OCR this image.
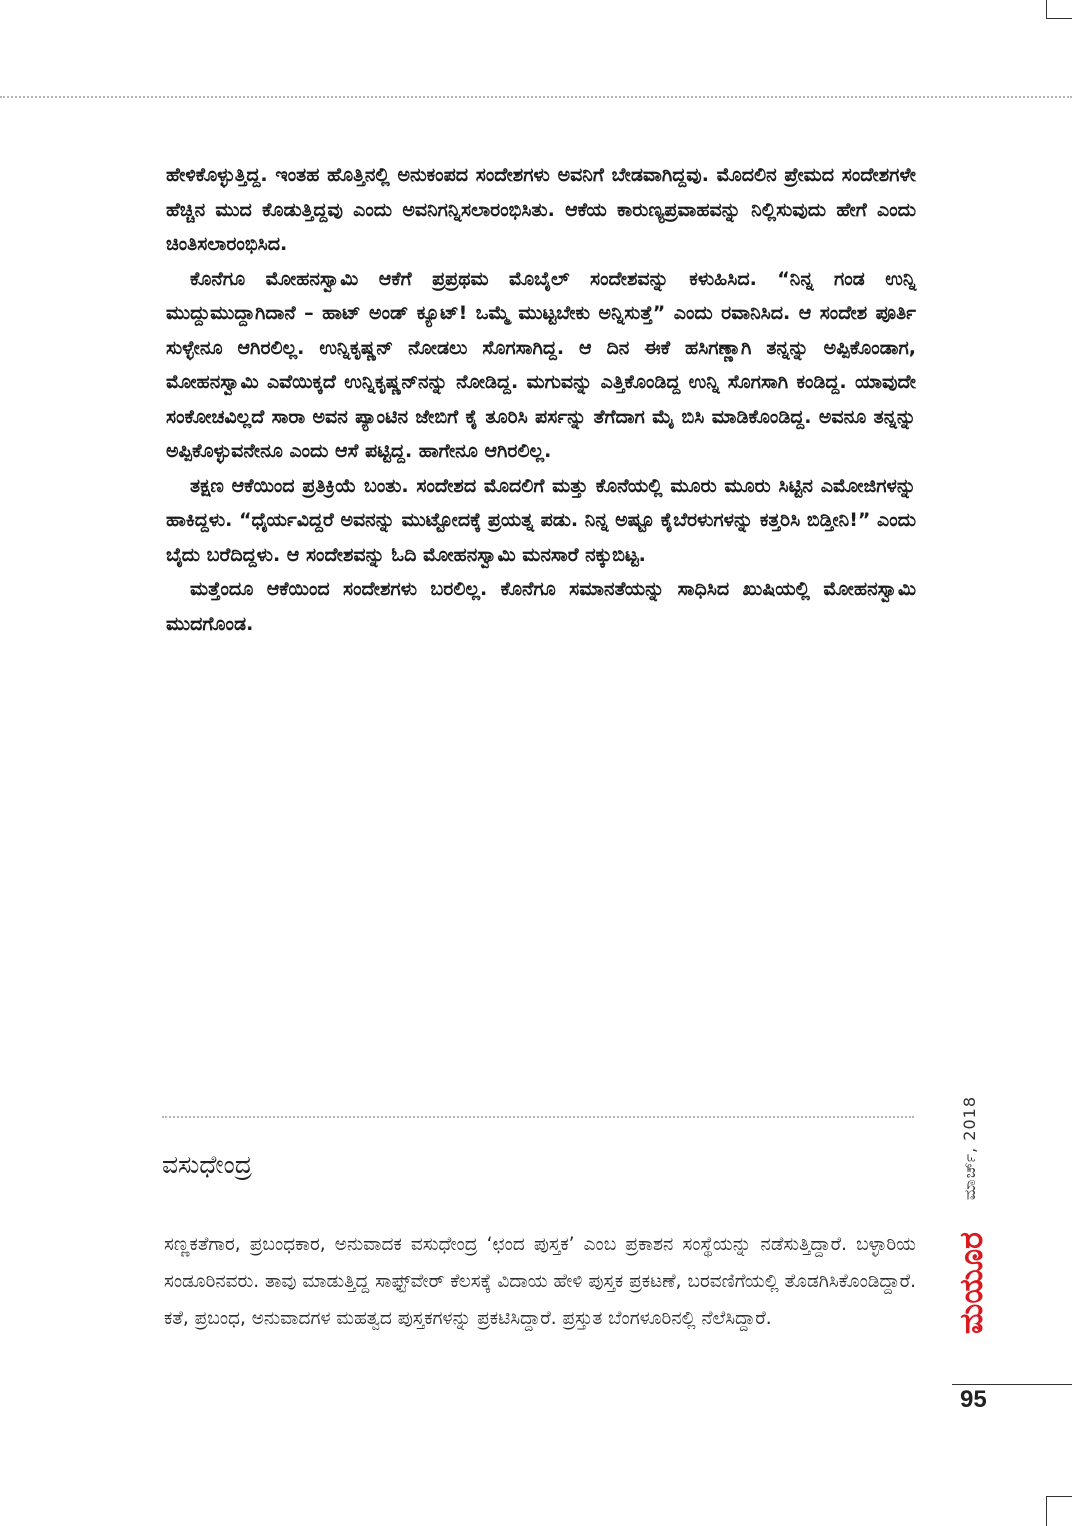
ಹೇಳಿಕೊಳ್ಳುತ್ತಿದ್ದ. ಇಂತಹ ಹೊತ್ತಿನಲ್ಲಿ ಅನುಕಂಪದ ಸಂದೇಶಗಳು ಅವನಿಗೆ ಬೇಡವಾಗಿದ್ದವು. ಮೊದಲಿನ ಪ್ರೇಮದ ಸಂದೇಶಗಳೇ ಹೆಚ್ಚಿನ ಮುದ ಕೊಡುತ್ತಿದ್ದವು ಎಂದು ಅವನಿಗನ್ನಿಸಲಾರಂಭಿಸಿತು. ಆಕೆಯ ಕಾರುಣ್ಯಪ್ರವಾಹವನ್ನು ನಿಲ್ಲಿಸುವುದು ಹೇಗೆ ಎಂದು ಚಿಂತಿಸಲಾರಂಭಿಸಿದ.

ಕೊನೆಗೂ ಮೋಹನಸ್ವಾಮಿ ಆಕೆಗೆ ಪ್ರಪ್ರಥಮ ಮೊಬೈಲ್ ಸಂದೇಶವನ್ನು ಕಳುಹಿಸಿದ. “ನಿನ್ನ ಗಂಡ ಉನ್ನಿ ಮುದ್ದುಮುದ್ದಾಗಿದಾನೆ – ಹಾಟ್ ಅಂಡ್ ಕ್ಯೂಟ್! ಒಮ್ಮೆ ಮುಟ್ಟಬೇಕು ಅನ್ನಿಸುತ್ತೆ” ಎಂದು ರವಾನಿಸಿದ. ಆ ಸಂದೇಶ ಪೂರ್ತಿ ಸುಳ್ಳೇನೂ ಆಗಿರಲಿಲ್ಲ. ಉನ್ನಿಕೃಷ್ಣನ್ ನೋಡಲು ಸೊಗಸಾಗಿದ್ದ. ಆ ದಿನ ಈಕೆ ಹಸಿಗಣ್ಣಾಗಿ ತನ್ನನ್ನು ಅಪ್ಪಿಕೊಂಡಾಗ, ಮೋಹನಸ್ವಾಮಿ ಎವೆಯಿಕ್ಕದೆ ಉನ್ನಿಕೃಷ್ಣನ್‌ನನ್ನು ನೋಡಿದ್ದ. ಮಗುವನ್ನು ಎತ್ತಿಕೊಂಡಿದ್ದ ಉನ್ನಿ ಸೊಗಸಾಗಿ ಕಂಡಿದ್ದ. ಯಾವುದೇ ಸಂಕೋಚವಿಲ್ಲದೆ ಸಾರಾ ಅವನ ಪ್ಯಾಂಟಿನ ಜೇಬಿಗೆ ಕೈ ತೂರಿಸಿ ಪರ್ಸನ್ನು ತೆಗೆದಾಗ ಮೈ ಬಿಸಿ ಮಾಡಿಕೊಂಡಿದ್ದ. ಅವನೂ ತನ್ನನ್ನು ಅಪ್ಪಿಕೊಳ್ಳುವನೇನೂ ಎಂದು ಆಸೆ ಪಟ್ಟಿದ್ದ. ಹಾಗೇನೂ ಆಗಿರಲಿಲ್ಲ.

ತಕ್ಷಣ ಆಕೆಯಿಂದ ಪ್ರತಿಕ್ರಿಯೆ ಬಂತು. ಸಂದೇಶದ ಮೊದಲಿಗೆ ಮತ್ತು ಕೊನೆಯಲ್ಲಿ ಮೂರು ಮೂರು ಸಿಟ್ಟಿನ ಎಮೋಜಿಗಳನ್ನು ಹಾಕಿದ್ದಳು. “ಧೈರ್ಯವಿದ್ದರೆ ಅವನನ್ನು ಮುಟ್ಟೋದಕ್ಕೆ ಪ್ರಯತ್ನ ಪಡು. ನಿನ್ನ ಅಷ್ಟೂ ಕೈಬೆರಳುಗಳನ್ನು ಕತ್ತರಿಸಿ ಬಿಡ್ತೀನಿ!” ಎಂದು ಬೈದು ಬರೆದಿದ್ದಳು. ಆ ಸಂದೇಶವನ್ನು ಓದಿ ಮೋಹನಸ್ವಾಮಿ ಮನಸಾರೆ ನಕ್ಕುಬಿಟ್ಟ.

ಮತ್ತೆಂದೂ ಆಕೆಯಿಂದ ಸಂದೇಶಗಳು ಬರಲಿಲ್ಲ. ಕೊನೆಗೂ ಸಮಾನತೆಯನ್ನು ಸಾಧಿಸಿದ ಖುಷಿಯಲ್ಲಿ ಮೋಹನಸ್ವಾಮಿ ಮುದಗೊಂಡ.

ವಸುಧೇಂದ್ರ
ಸಣ್ಣಕತೆಗಾರ, ಪ್ರಬಂಧಕಾರ, ಅನುವಾದಕ ವಸುಧೇಂದ್ರ ‘ಛಂದ ಪುಸ್ತಕ’ ಎಂಬ ಪ್ರಕಾಶನ ಸಂಸ್ಥೆಯನ್ನು ನಡೆಸುತ್ತಿದ್ದಾರೆ. ಬಳ್ಳಾರಿಯ ಸಂಡೂರಿನವರು. ತಾವು ಮಾಡುತ್ತಿದ್ದ ಸಾಫ್ಟ್‌ವೇರ್ ಕೆಲಸಕ್ಕೆ ವಿದಾಯ ಹೇಳಿ ಪುಸ್ತಕ ಪ್ರಕಟಣೆ, ಬರವಣಿಗೆಯಲ್ಲಿ ತೊಡಗಿಸಿಕೊಂಡಿದ್ದಾರೆ. ಕತೆ, ಪ್ರಬಂಧ, ಅನುವಾದಗಳ ಮಹತ್ವದ ಪುಸ್ತಕಗಳನ್ನು ಪ್ರಕಟಿಸಿದ್ದಾರೆ. ಪ್ರಸ್ತುತ ಬೆಂಗಳೂರಿನಲ್ಲಿ ನೆಲೆಸಿದ್ದಾರೆ.
ಮಾರ್ಚ್, 2018
ಮಯೂರ
95
